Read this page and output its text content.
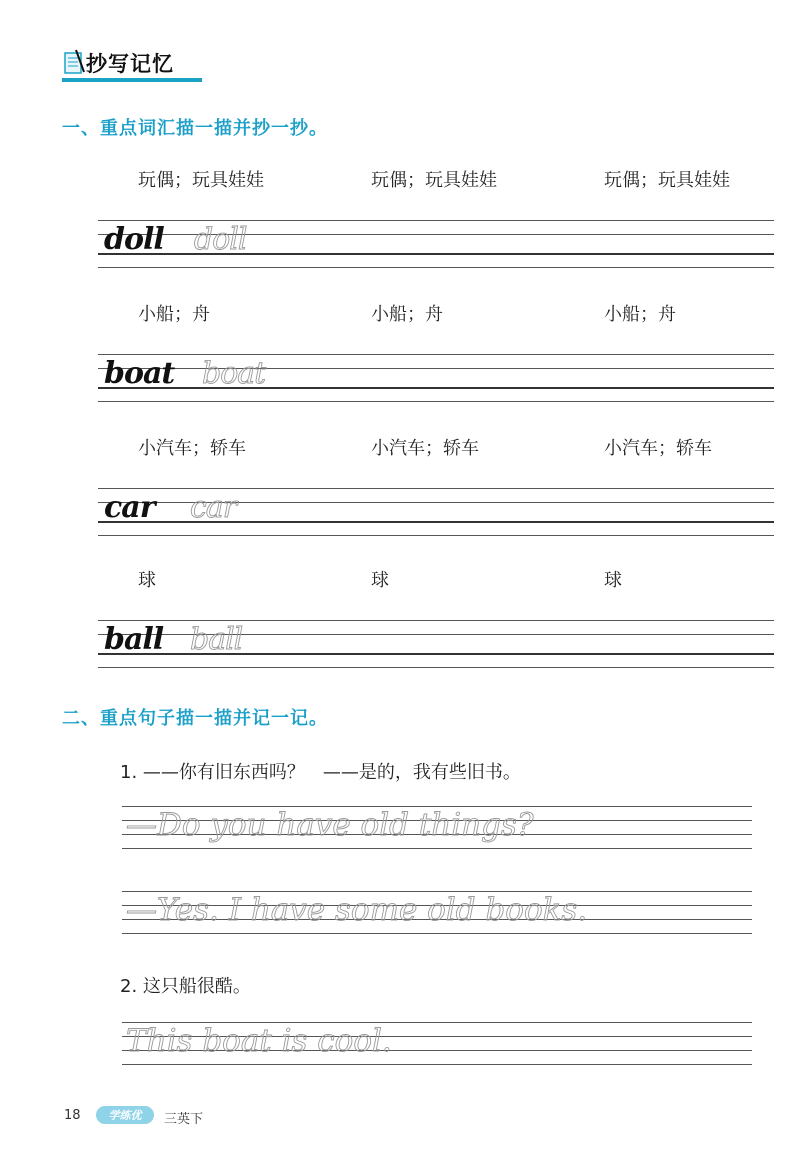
抄写记忆
一、重点词汇描一描并抄一抄。
玩偶；玩具娃娃	玩偶；玩具娃娃	玩偶；玩具娃娃
doll doll
小船；舟	小船；舟	小船；舟
boat boat
小汽车；轿车	小汽车；轿车	小汽车；轿车
car car
球	球	球
ball ball
二、重点句子描一描并记一记。
1. ——你有旧东西吗？　——是的，我有些旧书。
—Do you have old things?
—Yes. I have some old books.
2. 这只船很酷。
This boat is cool.
18	学练优	三英下
